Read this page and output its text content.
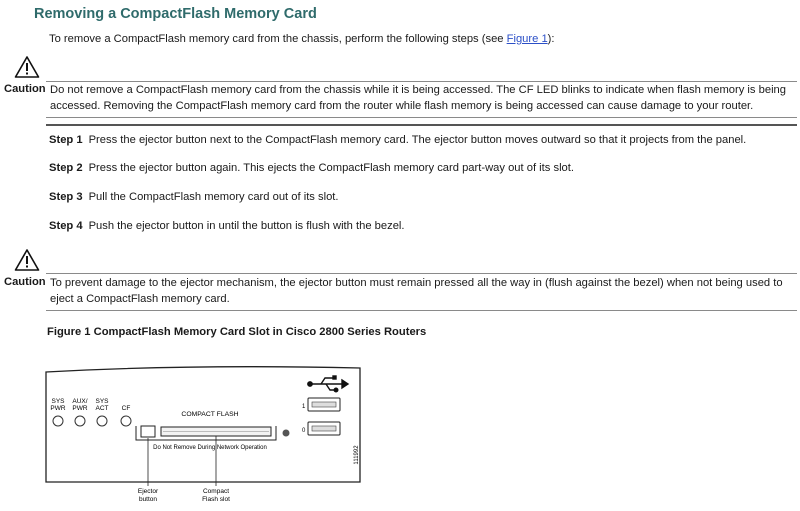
Removing a CompactFlash Memory Card
To remove a CompactFlash memory card from the chassis, perform the following steps (see Figure 1):
Caution Do not remove a CompactFlash memory card from the chassis while it is being accessed. The CF LED blinks to indicate when flash memory is being accessed. Removing the CompactFlash memory card from the router while flash memory is being accessed can cause damage to your router.
Step 1 Press the ejector button next to the CompactFlash memory card. The ejector button moves outward so that it projects from the panel.
Step 2 Press the ejector button again. This ejects the CompactFlash memory card part-way out of its slot.
Step 3 Pull the CompactFlash memory card out of its slot.
Step 4 Push the ejector button in until the button is flush with the bezel.
Caution To prevent damage to the ejector mechanism, the ejector button must remain pressed all the way in (flush against the bezel) when not being used to eject a CompactFlash memory card.
Figure 1 CompactFlash Memory Card Slot in Cisco 2800 Series Routers
SYS
PWR
AUX/
PWR
SYS
ACT CF
COMPACT FLASH
Do Not Remove During Network Operation
1
0
111992
Ejector
button
Compact
Flash slot
